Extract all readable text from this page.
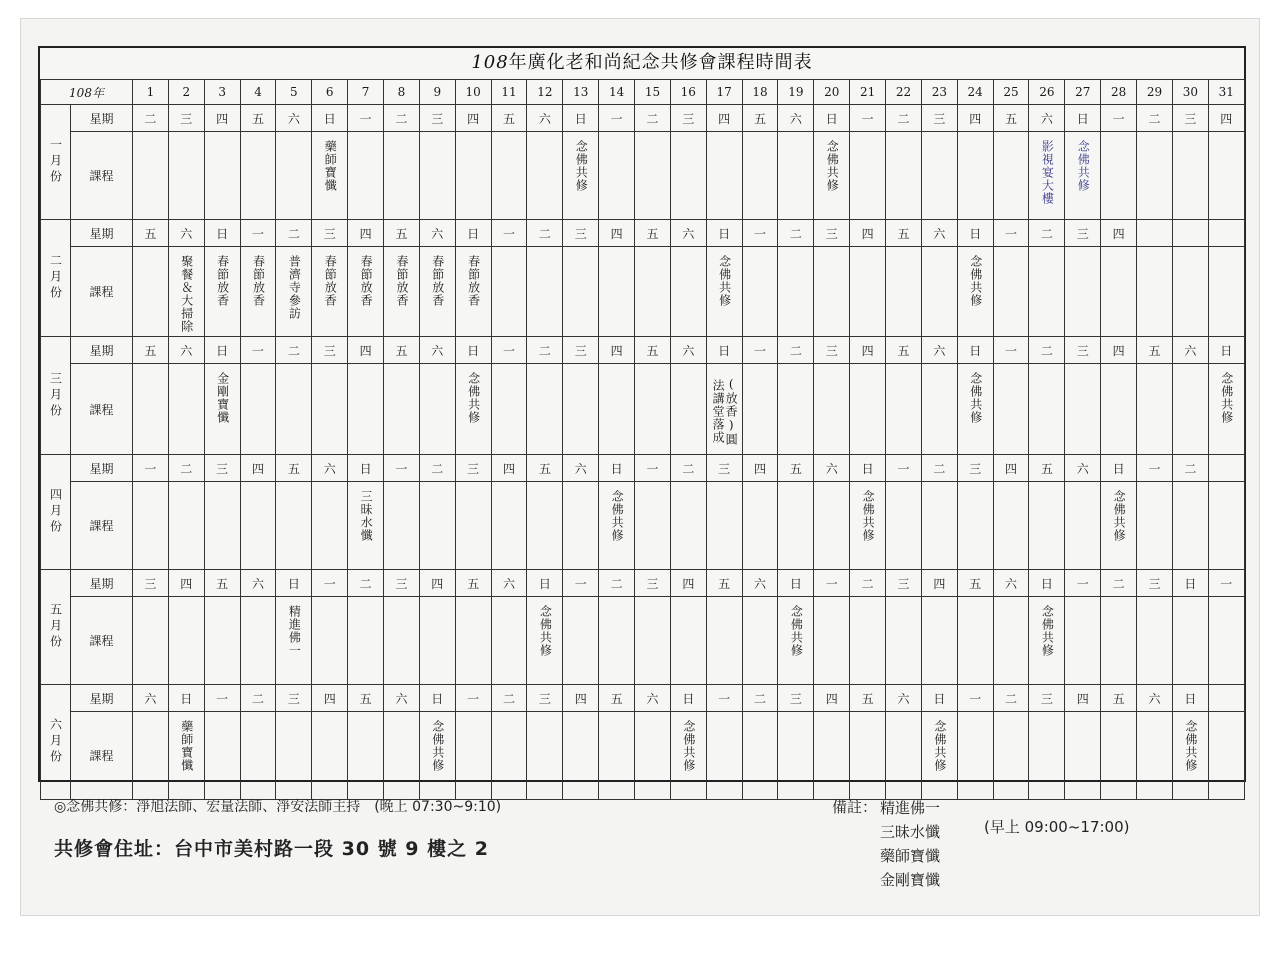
108年廣化老和尚紀念共修會課程時間表
108年		1	2	3	4	5	6	7	8	9	10	11	12	13	14	15	16	17	18	19	20	21	22	23	24	25	26	27	28	29	30	31
一月份	星期	二	三	四	五	六	日	一	二	三	四	五	六	日	一	二	三	四	五	六	日	一	二	三	四	五	六	日	一	二	三	四
	課程						藥師寶懺							念佛共修							念佛共修						影視宴大樓	念佛共修				
二月份	星期	五	六	日	一	二	三	四	五	六	日	一	二	三	四	五	六	日	一	二	三	四	五	六	日	一	二	三	四			
	課程		聚餐＆大掃除	春節放香	春節放香	普濟寺參訪	春節放香	春節放香	春節放香	春節放香	春節放香							念佛共修							念佛共修							
三月份	星期	五	六	日	一	二	三	四	五	六	日	一	二	三	四	五	六	日	一	二	三	四	五	六	日	一	二	三	四	五	六	日
	課程			金剛寶懺							念佛共修							(放香)圓法講堂落成							念佛共修							念佛共修
四月份	星期	一	二	三	四	五	六	日	一	二	三	四	五	六	日	一	二	三	四	五	六	日	一	二	三	四	五	六	日	一	二	
	課程							三昧水懺							念佛共修							念佛共修							念佛共修			
五月份	星期	三	四	五	六	日	一	二	三	四	五	六	日	一	二	三	四	五	六	日	一	二	三	四	五	六	日	一	二	三	日	一
	課程					精進佛一							念佛共修							念佛共修							念佛共修					
六月份	星期	六	日	一	二	三	四	五	六	日	一	二	三	四	五	六	日	一	二	三	四	五	六	日	一	二	三	四	五	六	日	
	課程		藥師寶懺							念佛共修							念佛共修							念佛共修							念佛共修	
◎念佛共修：淨旭法師、宏量法師、淨安法師主持　(晚上 07:30~9:10)
共修會住址：台中市美村路一段 30 號 9 樓之 2
備註： 精進佛一
三昧水懺
藥師寶懺
金剛寶懺
(早上 09:00~17:00)
